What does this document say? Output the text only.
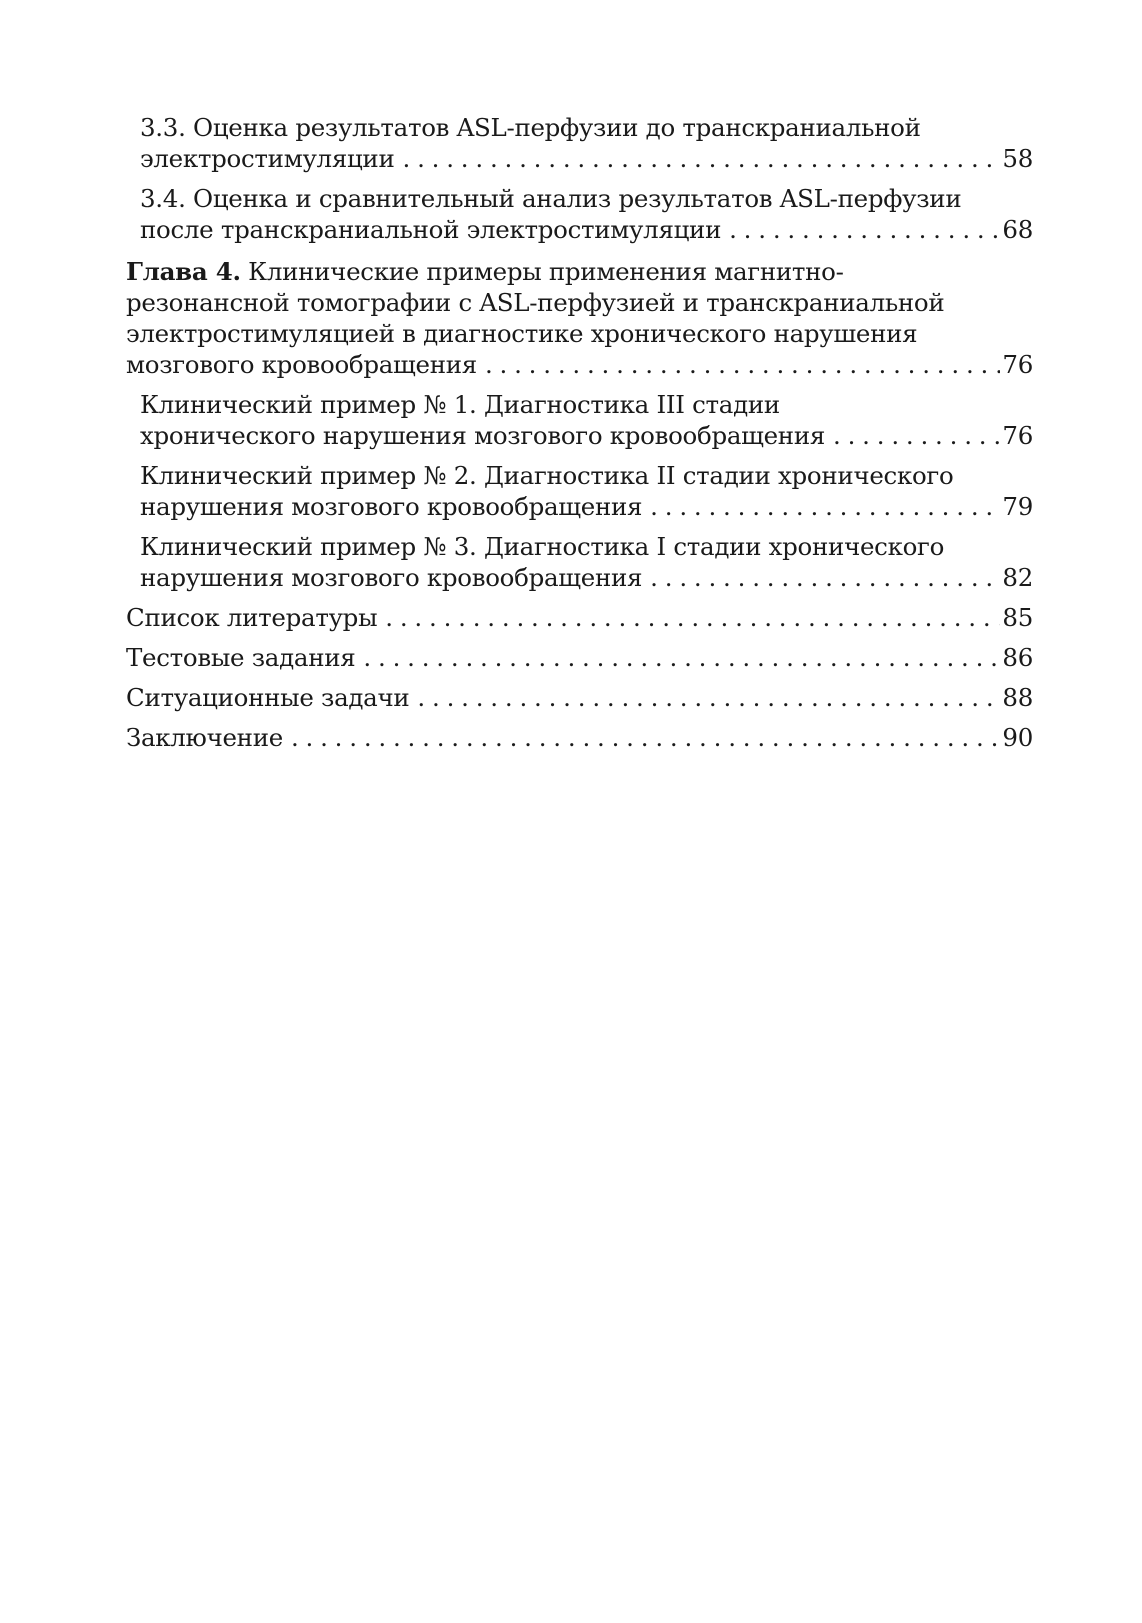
3.3. Оценка результатов ASL-перфузии до транскраниальной
электростимуляции . . .	58
3.4. Оценка и сравнительный анализ результатов ASL-перфузии
после транскраниальной электростимуляции . . .	68
Глава 4. Клинические примеры применения магнитно-
резонансной томографии с ASL-перфузией и транскраниальной
электростимуляцией в диагностике хронического нарушения
мозгового кровообращения . . .	76
Клинический пример № 1. Диагностика III стадии
хронического нарушения мозгового кровообращения . . .	76
Клинический пример № 2. Диагностика II стадии хронического
нарушения мозгового кровообращения . . .	79
Клинический пример № 3. Диагностика I стадии хронического
нарушения мозгового кровообращения . . .	82
Список литературы . . .	85
Тестовые задания . . .	86
Ситуационные задачи . . .	88
Заключение . . .	90
